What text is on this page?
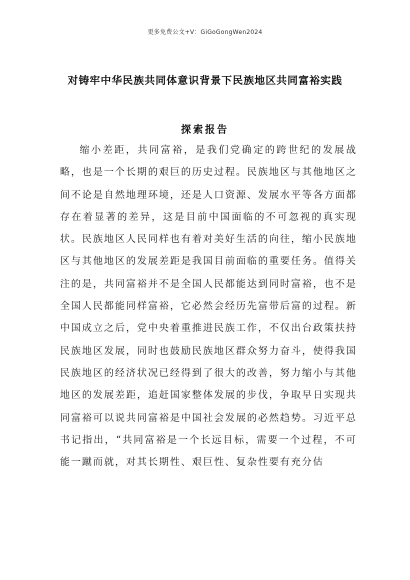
更多免费公文+V：GiGoGongWen2024
对铸牢中华民族共同体意识背景下民族地区共同富裕实践
探索报告

缩小差距，共同富裕，是我们党确定的跨世纪的发展战略，也是一个长期的艰巨的历史过程。民族地区与其他地区之间不论是自然地理环境，还是人口资源、发展水平等各方面都存在着显著的差异，这是目前中国面临的不可忽视的真实现状。民族地区人民同样也有着对美好生活的向往，缩小民族地区与其他地区的发展差距是我国目前面临的重要任务。值得关注的是，共同富裕并不是全国人民都能达到同时富裕，也不是全国人民都能同样富裕，它必然会经历先富带后富的过程。新中国成立之后，党中央着重推进民族工作，不仅出台政策扶持民族地区发展，同时也鼓励民族地区群众努力奋斗，使得我国民族地区的经济状况已经得到了很大的改善，努力缩小与其他地区的发展差距，追赶国家整体发展的步伐，争取早日实现共同富裕可以说共同富裕是中国社会发展的必然趋势。习近平总书记指出，“共同富裕是一个长远目标，需要一个过程，不可能一蹴而就，对其长期性、艰巨性、复杂性要有充分估
